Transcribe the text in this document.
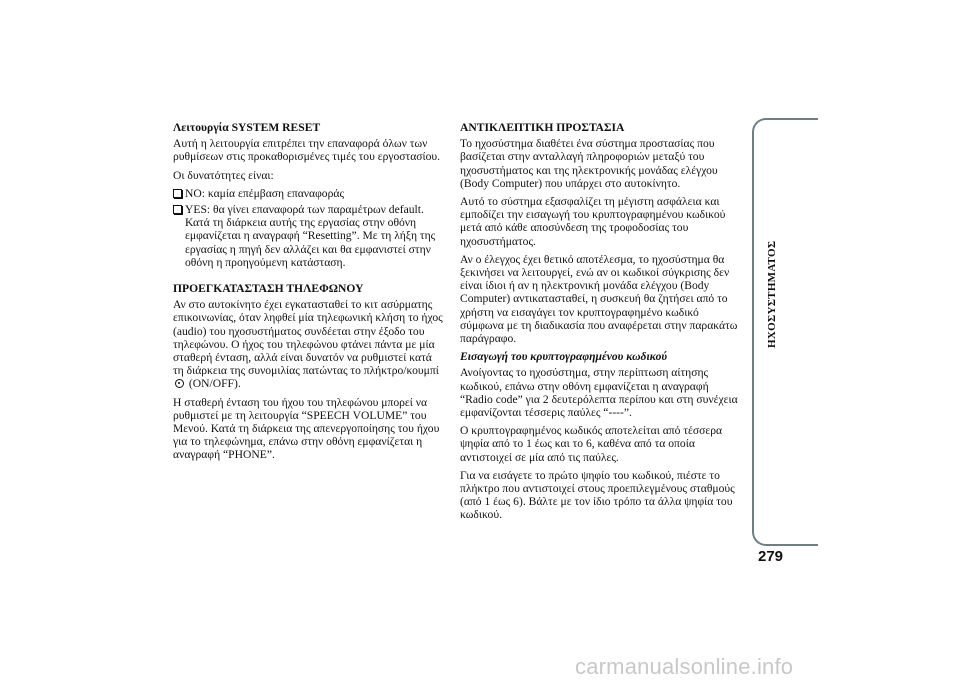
Λειτουργία SYSTEM RESET

Αυτή η λειτουργία επιτρέπει την επαναφορά όλων των ρυθμίσεων στις προκαθορισμένες τιμές του εργοστασίου.

Οι δυνατότητες είναι:

NO: καμία επέμβαση επαναφοράς
YES: θα γίνει επαναφορά των παραμέτρων default. Κατά τη διάρκεια αυτής της εργασίας στην οθόνη εμφανίζεται η αναγραφή “Resetting”. Με τη λήξη της εργασίας η πηγή δεν αλλάζει και θα εμφανιστεί στην οθόνη η προηγούμενη κατάσταση.
ΠΡΟΕΓΚΑΤΑΣΤΑΣΗ ΤΗΛΕΦΩΝΟΥ

Αν στο αυτοκίνητο έχει εγκατασταθεί το κιτ ασύρματης επικοινωνίας, όταν ληφθεί μία τηλεφωνική κλήση το ήχος (audio) του ηχοσυστήματος συνδέεται στην έξοδο του τηλεφώνου. Ο ήχος του τηλεφώνου φτάνει πάντα με μία σταθερή ένταση, αλλά είναι δυνατόν να ρυθμιστεί κατά τη διάρκεια της συνομιλίας πατώντας το πλήκτρο/κουμπί  (ON/OFF).

Η σταθερή ένταση του ήχου του τηλεφώνου μπορεί να ρυθμιστεί με τη λειτουργία “SPEECH VOLUME” του Μενού. Κατά τη διάρκεια της απενεργοποίησης του ήχου για το τηλεφώνημα, επάνω στην οθόνη εμφανίζεται η αναγραφή “PHONE”.

ΑΝΤΙΚΛΕΠΤΙΚΗ ΠΡΟΣΤΑΣΙΑ

Το ηχοσύστημα διαθέτει ένα σύστημα προστασίας που βασίζεται στην ανταλλαγή πληροφοριών μεταξύ του ηχοσυστήματος και της ηλεκτρονικής μονάδας ελέγχου (Body Computer) που υπάρχει στο αυτοκίνητο.

Αυτό το σύστημα εξασφαλίζει τη μέγιστη ασφάλεια και εμποδίζει την εισαγωγή του κρυπτογραφημένου κωδικού μετά από κάθε αποσύνδεση της τροφοδοσίας του ηχοσυστήματος.

Αν ο έλεγχος έχει θετικό αποτέλεσμα, το ηχοσύστημα θα ξεκινήσει να λειτουργεί, ενώ αν οι κωδικοί σύγκρισης δεν είναι ίδιοι ή αν η ηλεκτρονική μονάδα ελέγχου (Body Computer) αντικατασταθεί, η συσκευή θα ζητήσει από το χρήστη να εισαγάγει τον κρυπτογραφημένο κωδικό σύμφωνα με τη διαδικασία που αναφέρεται στην παρακάτω παράγραφο.

Εισαγωγή του κρυπτογραφημένου κωδικού

Ανοίγοντας το ηχοσύστημα, στην περίπτωση αίτησης κωδικού, επάνω στην οθόνη εμφανίζεται η αναγραφή “Radio code” για 2 δευτερόλεπτα περίπου και στη συνέχεια εμφανίζονται τέσσερις παύλες “----”.

Ο κρυπτογραφημένος κωδικός αποτελείται από τέσσερα ψηφία από το 1 έως και το 6, καθένα από τα οποία αντιστοιχεί σε μία από τις παύλες.

Για να εισάγετε το πρώτο ψηφίο του κωδικού, πιέστε το πλήκτρο που αντιστοιχεί στους προεπιλεγμένους σταθμούς (από 1 έως 6). Βάλτε με τον ίδιο τρόπο τα άλλα ψηφία του κωδικού.

ΗΧΟΣΥΣΤΗΜΑΤΟΣ
279
carmanualsonline.info
